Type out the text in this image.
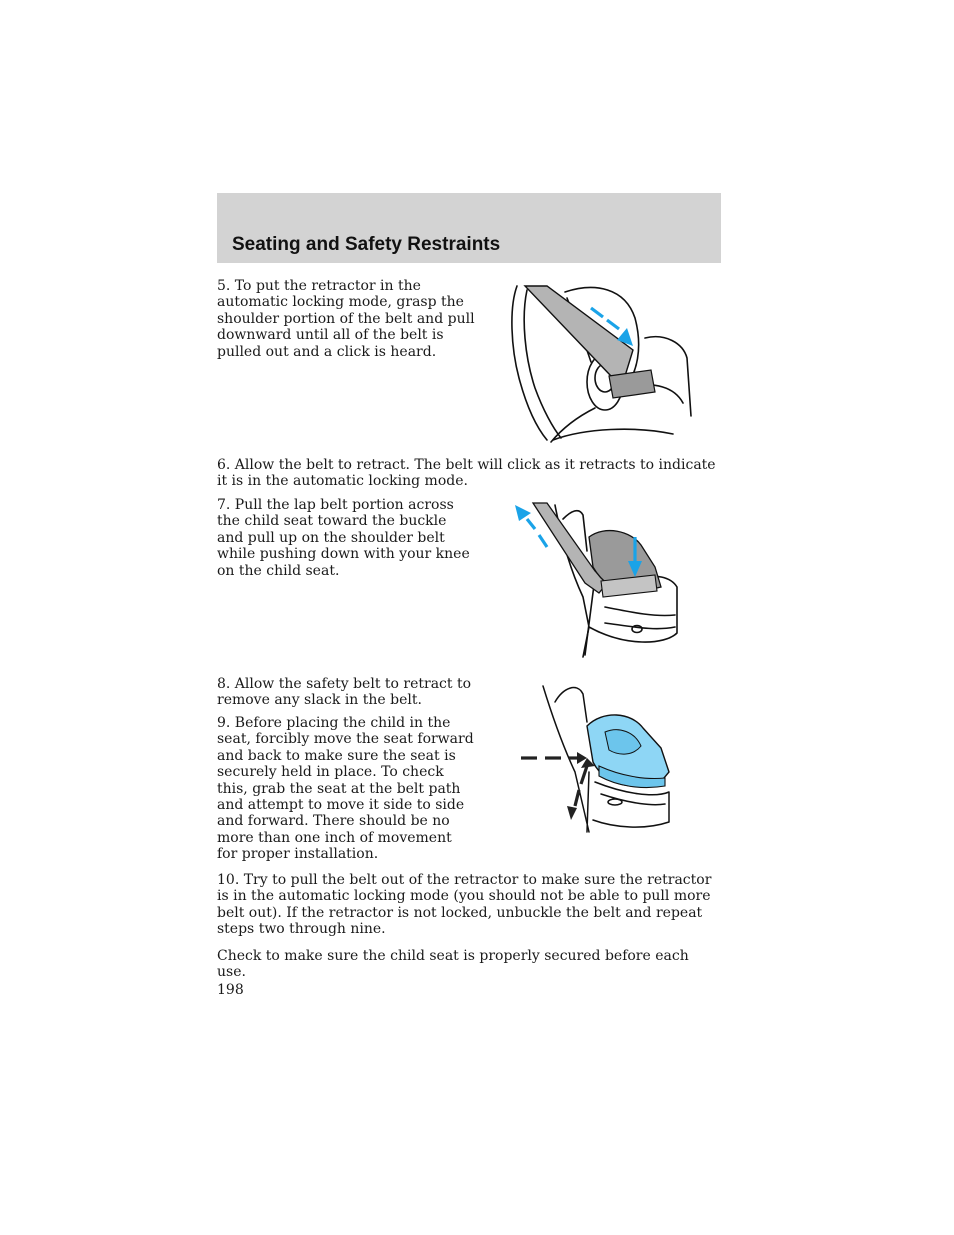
Seating and Safety Restraints

5. To put the retractor in the automatic locking mode, grasp the shoulder portion of the belt and pull downward until all of the belt is pulled out and a click is heard.

6. Allow the belt to retract. The belt will click as it retracts to indicate it is in the automatic locking mode.

7. Pull the lap belt portion across the child seat toward the buckle and pull up on the shoulder belt while pushing down with your knee on the child seat.

8. Allow the safety belt to retract to remove any slack in the belt.

9. Before placing the child in the seat, forcibly move the seat forward and back to make sure the seat is securely held in place. To check this, grab the seat at the belt path and attempt to move it side to side and forward. There should be no more than one inch of movement for proper installation.

10. Try to pull the belt out of the retractor to make sure the retractor is in the automatic locking mode (you should not be able to pull more belt out). If the retractor is not locked, unbuckle the belt and repeat steps two through nine.

Check to make sure the child seat is properly secured before each use.

198
